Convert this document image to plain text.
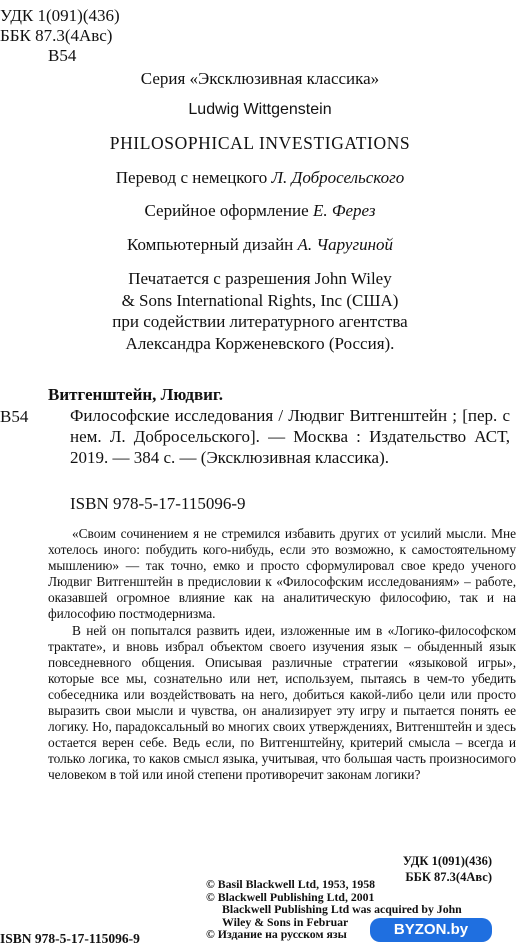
УДК 1(091)(436)
ББК 87.3(4Авс)
В54
Серия «Эксклюзивная классика»
Ludwig Wittgenstein
PHILOSOPHICAL INVESTIGATIONS
Перевод с немецкого Л. Добросельского
Серийное оформление Е. Ферез
Компьютерный дизайн А. Чаругиной
Печатается с разрешения John Wiley
& Sons International Rights, Inc (США)
при содействии литературного агентства
Александра Корженевского (Россия).
Витгенштейн, Людвиг.
В54 Философские исследования / Людвиг Витгенштейн ; [пер. с нем. Л. Добросельского]. — Москва : Издательство АСТ, 2019. — 384 с. — (Эксклюзивная классика).
ISBN 978-5-17-115096-9

«Своим сочинением я не стремился избавить других от усилий мысли. Мне хотелось иного: побудить кого-нибудь, если это возможно, к самостоятельному мышлению» — так точно, емко и просто сформулировал свое кредо ученого Людвиг Витгенштейн в предисловии к «Философским исследованиям» – работе, оказавшей огромное влияние как на аналитическую философию, так и на философию постмодернизма.

В ней он попытался развить идеи, изложенные им в «Логико-философском трактате», и вновь избрал объектом своего изучения язык – обыденный язык повседневного общения. Описывая различные стратегии «языковой игры», которые все мы, сознательно или нет, используем, пытаясь в чем-то убедить собеседника или воздействовать на него, добиться какой-либо цели или просто выразить свои мысли и чувства, он анализирует эту игру и пытается понять ее логику. Но, парадоксальный во многих своих утверждениях, Витгенштейн и здесь остается верен себе. Ведь если, по Витгенштейну, критерий смысла – всегда и только логика, то каков смысл языка, учитывая, что большая часть произносимого человеком в той или иной степени противоречит законам логики?

УДК 1(091)(436)
ББК 87.3(4Авс)
© Basil Blackwell Ltd, 1953, 1958
© Blackwell Publishing Ltd, 2001
Blackwell Publishing Ltd was acquired by John
Wiley & Sons in Februar
© Издание на русском язы
ISBN 978-5-17-115096-9
BYZON.by
